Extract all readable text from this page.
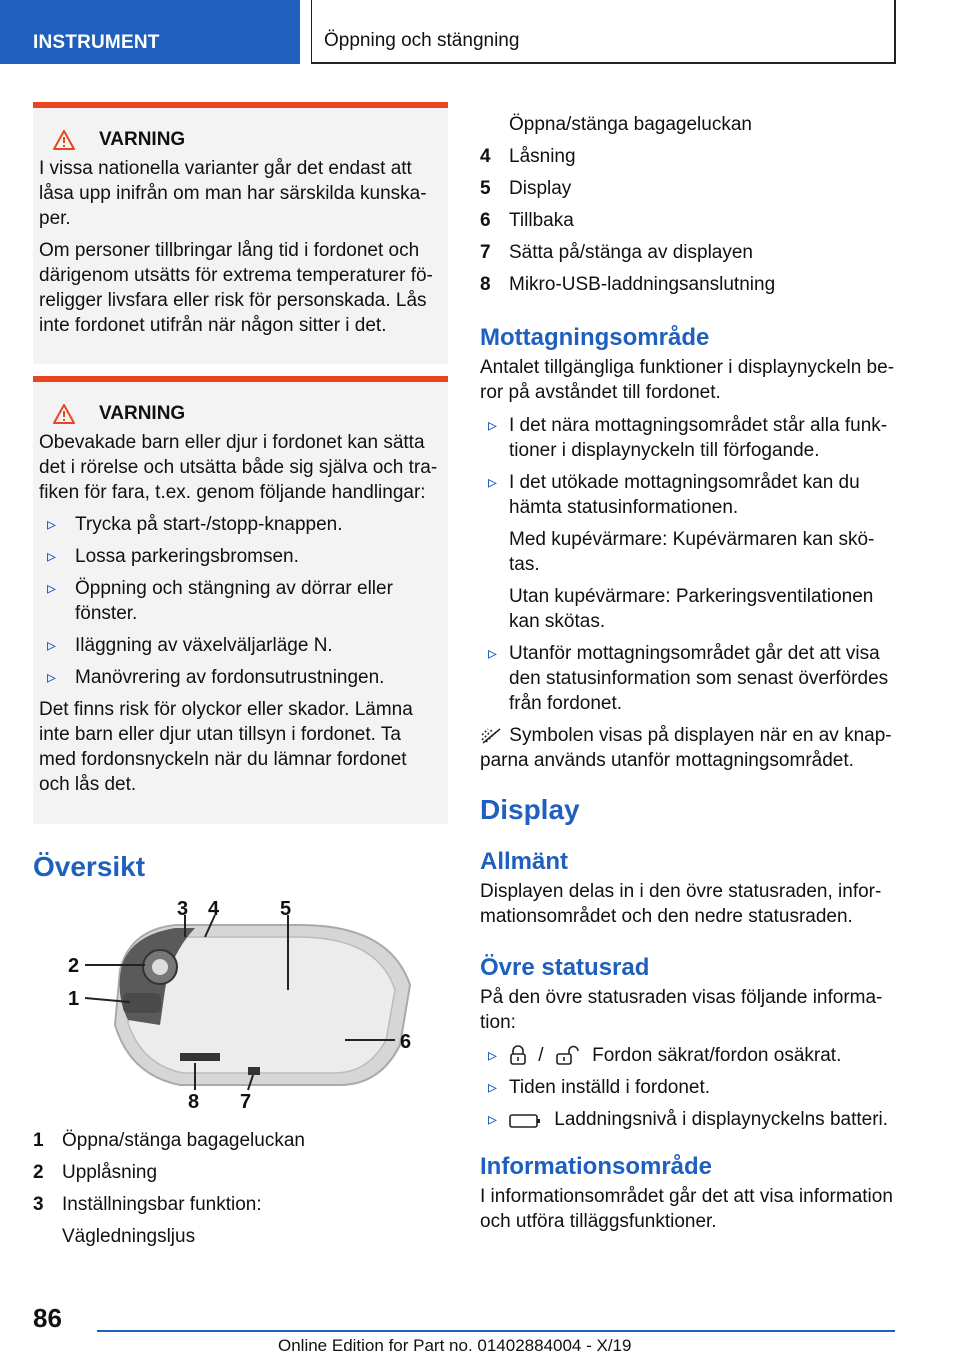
INSTRUMENT	Öppning och stängning
VARNING

I vissa nationella varianter går det endast att låsa upp inifrån om man har särskilda kunska-per.

Om personer tillbringar lång tid i fordonet och därigenom utsätts för extrema temperaturer fö-religger livsfara eller risk för personskada. Lås inte fordonet utifrån när någon sitter i det.

VARNING

Obevakade barn eller djur i fordonet kan sätta det i rörelse och utsätta både sig själva och tra-fiken för fara, t.ex. genom följande handlingar:

▹ Trycka på start-/stopp-knappen.
▹ Lossa parkeringsbromsen.
▹ Öppning och stängning av dörrar eller fönster.
▹ Iläggning av växelväljarläge N.
▹ Manövrering av fordonsutrustningen.

Det finns risk för olyckor eller skador. Lämna inte barn eller djur utan tillsyn i fordonet. Ta med fordonsnyckeln när du lämnar fordonet och lås det.

Översikt
3 4	5
2
1
6
8 7
1 Öppna/stänga bagageluckan
2 Upplåsning
3 Inställningsbar funktion:
Vägledningsljus
Öppna/stänga bagageluckan
4 Låsning
5 Display
6 Tillbaka
7 Sätta på/stänga av displayen
8 Mikro-USB-laddningsanslutning
Mottagningsområde

Antalet tillgängliga funktioner i displaynyckeln be-ror på avståndet till fordonet.

▹ I det nära mottagningsområdet står alla funk-tioner i displaynyckeln till förfogande.
▹ I det utökade mottagningsområdet kan du hämta statusinformationen.
Med kupévärmare: Kupévärmaren kan skö-tas.
Utan kupévärmare: Parkeringsventilationen kan skötas.
▹ Utanför mottagningsområdet går det att visa den statusinformation som senast överfördes från fordonet.

Symbolen visas på displayen när en av knap-parna används utanför mottagningsområdet.

Display
Allmänt

Displayen delas in i den övre statusraden, infor-mationsområdet och den nedre statusraden.

Övre statusrad

På den övre statusraden visas följande informa-tion:

▹ /	Fordon säkrat/fordon osäkrat.
▹ Tiden inställd i fordonet.
▹ Laddningsnivå i displaynyckelns batteri.
Informationsområde

I informationsområdet går det att visa information och utföra tilläggsfunktioner.

86
Online Edition for Part no. 01402884004 - X/19
